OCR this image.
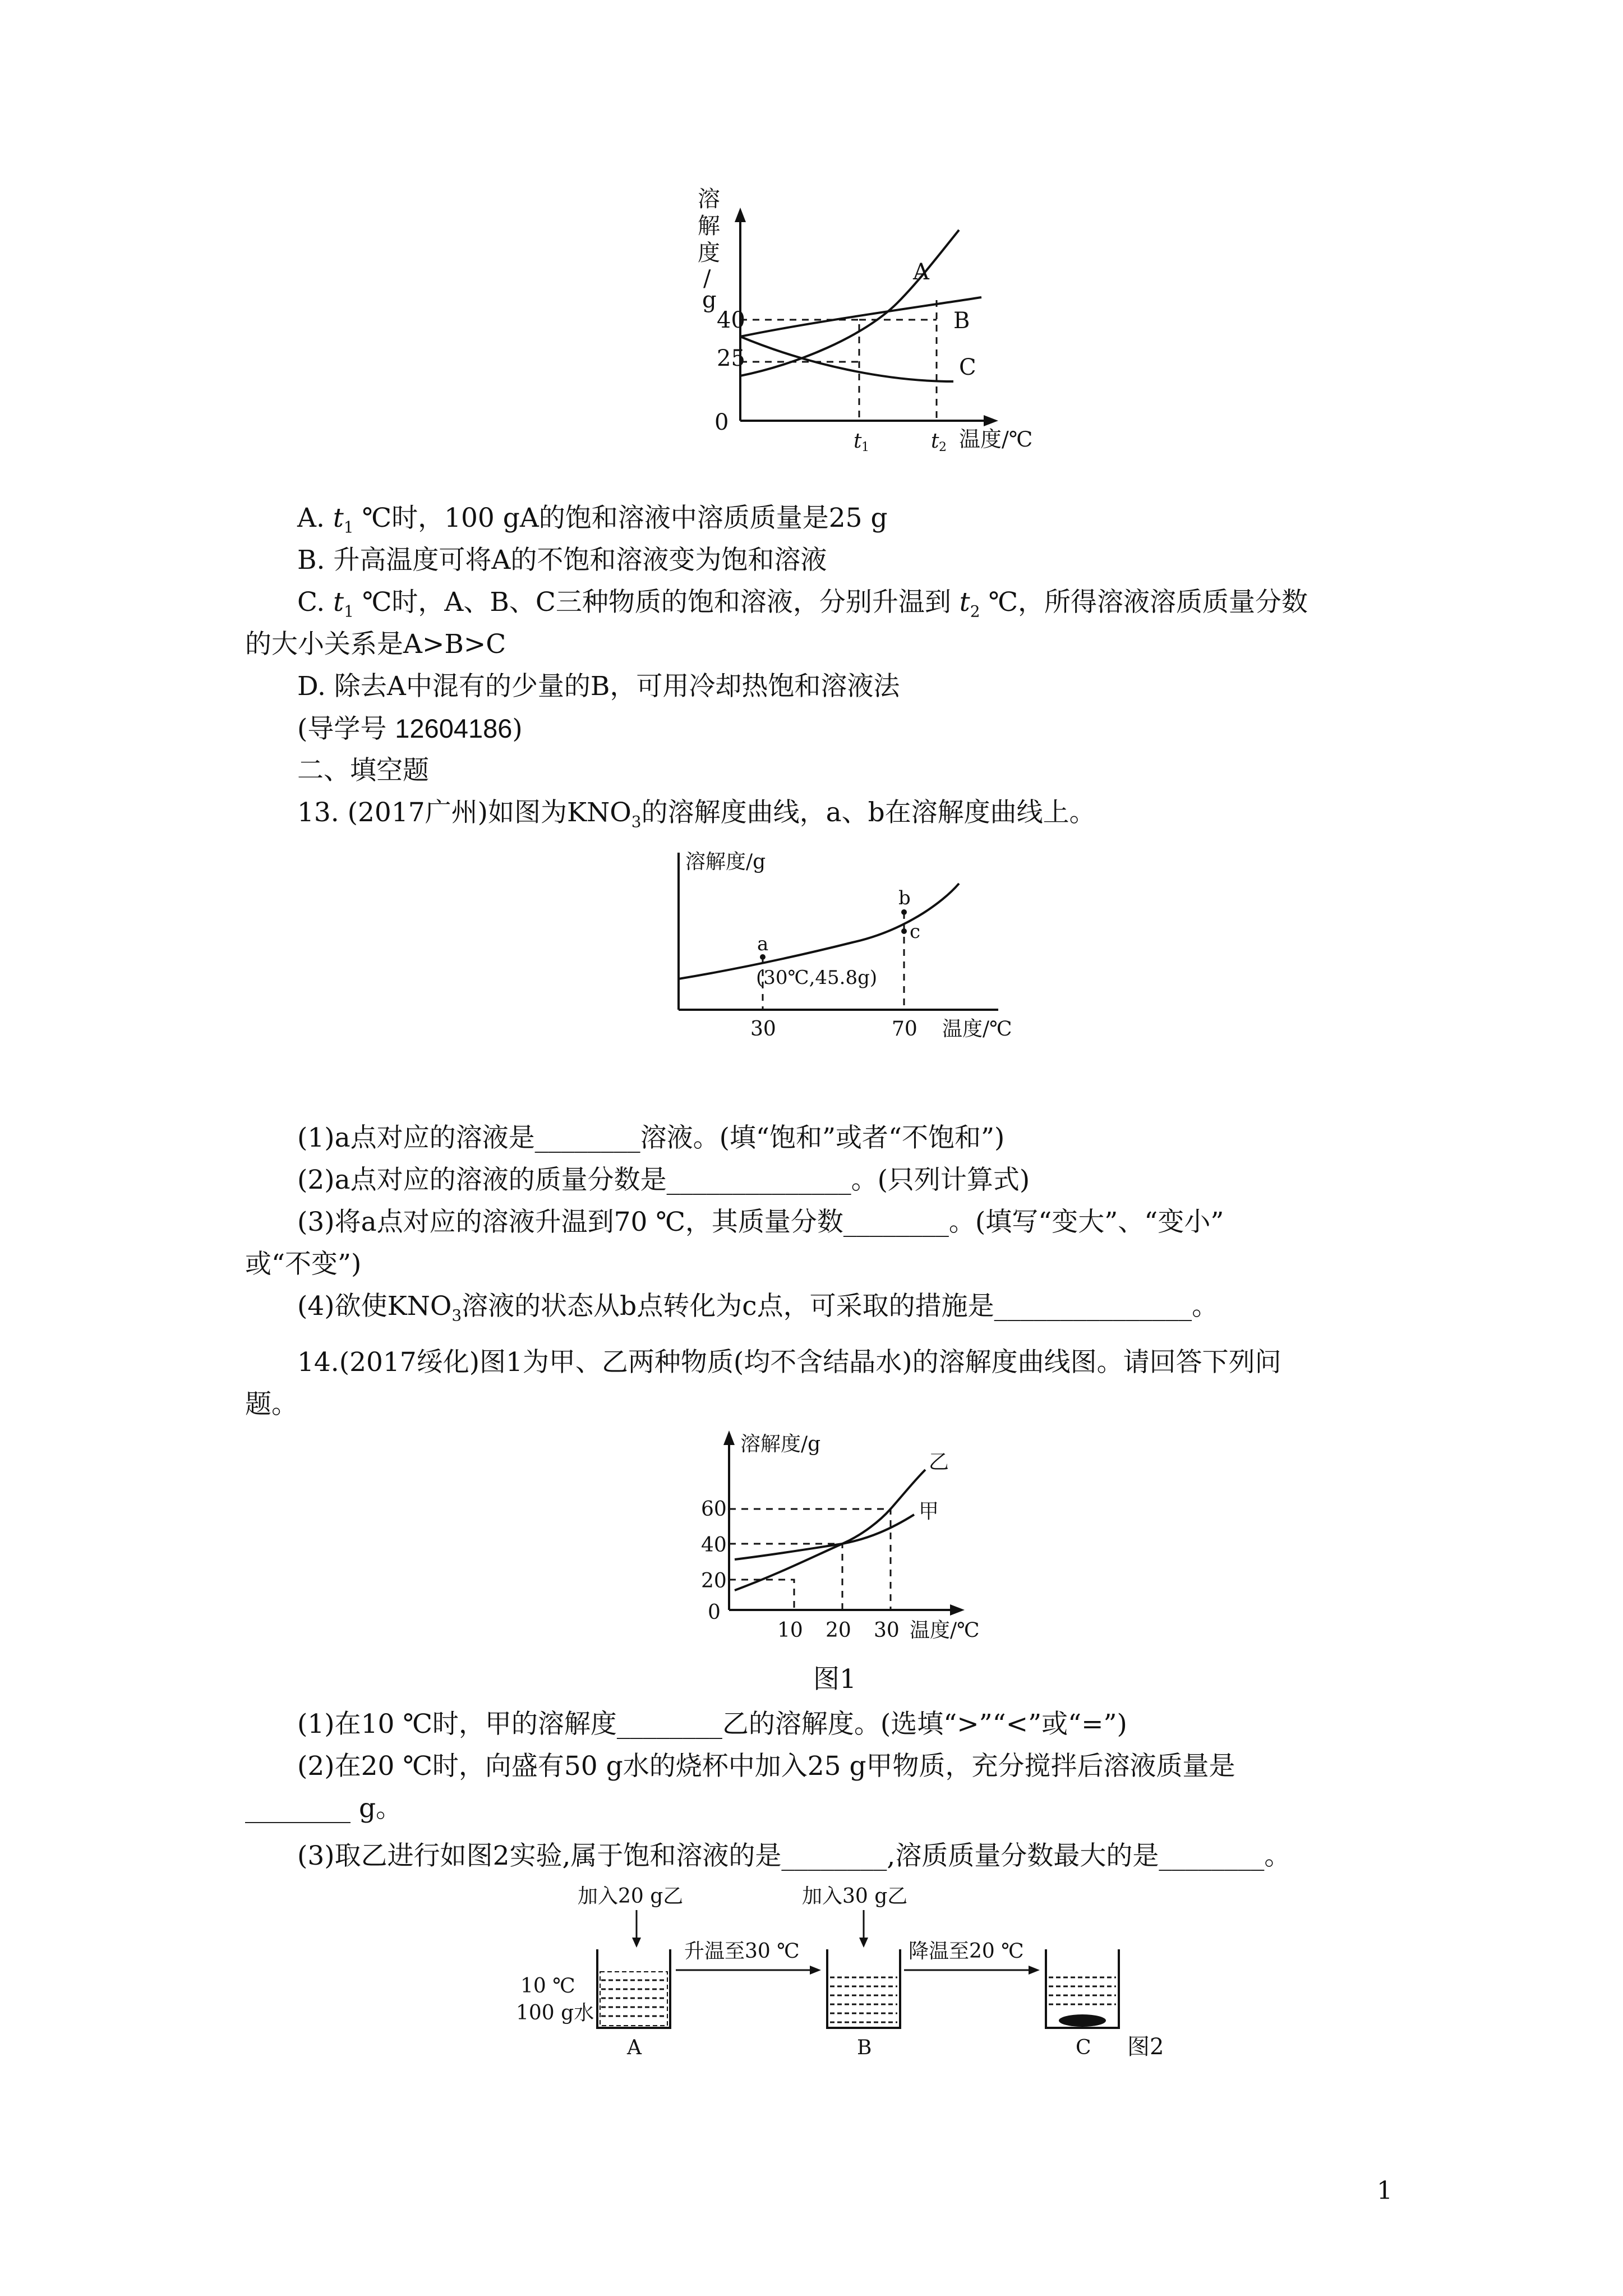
溶
解
度
/
g
40
25
0
A
B
C
t 1	t 2 温度/℃
A. $t_1$ ℃时，100 gA的饱和溶液中溶质质量是25 g
B. 升高温度可将A的不饱和溶液变为饱和溶液
C. $t_1$ ℃时，A、B、C三种物质的饱和溶液，分别升温到 $t_2$ ℃，所得溶液溶质质量分数
的大小关系是A>B>C
D. 除去A中混有的少量的B，可用冷却热饱和溶液法
(导学号 12604186)
二、填空题
13. (2017广州)如图为$KNO_3$的溶解度曲线，a、b在溶解度曲线上。
溶解度/g
a
b
c
(30℃,45.8g)
30	70 温度/℃
(1)a点对应的溶液是________溶液。(填“饱和”或者“不饱和”)
(2)a点对应的溶液的质量分数是______________。(只列计算式)
(3)将a点对应的溶液升温到70 ℃，其质量分数________。(填写“变大”、“变小”
或“不变”)
(4)欲使$KNO_3$溶液的状态从b点转化为c点，可采取的措施是_______________。
14.(2017绥化)图1为甲、乙两种物质(均不含结晶水)的溶解度曲线图。请回答下列问
题。
溶解度/g
60
40
20
0
乙
甲
10 20 30 温度/℃
图1
(1)在10 ℃时，甲的溶解度________乙的溶解度。(选填“>”“<”或“=”)
(2)在20 ℃时，向盛有50 g水的烧杯中加入25 g甲物质，充分搅拌后溶液质量是
________ g。
(3)取乙进行如图2实验,属于饱和溶液的是________,溶质质量分数最大的是________。
加入20 g乙	加入30 g乙
升温至30 ℃	降温至20 ℃
10 ℃
100 g水
A	B	C 图2
1
